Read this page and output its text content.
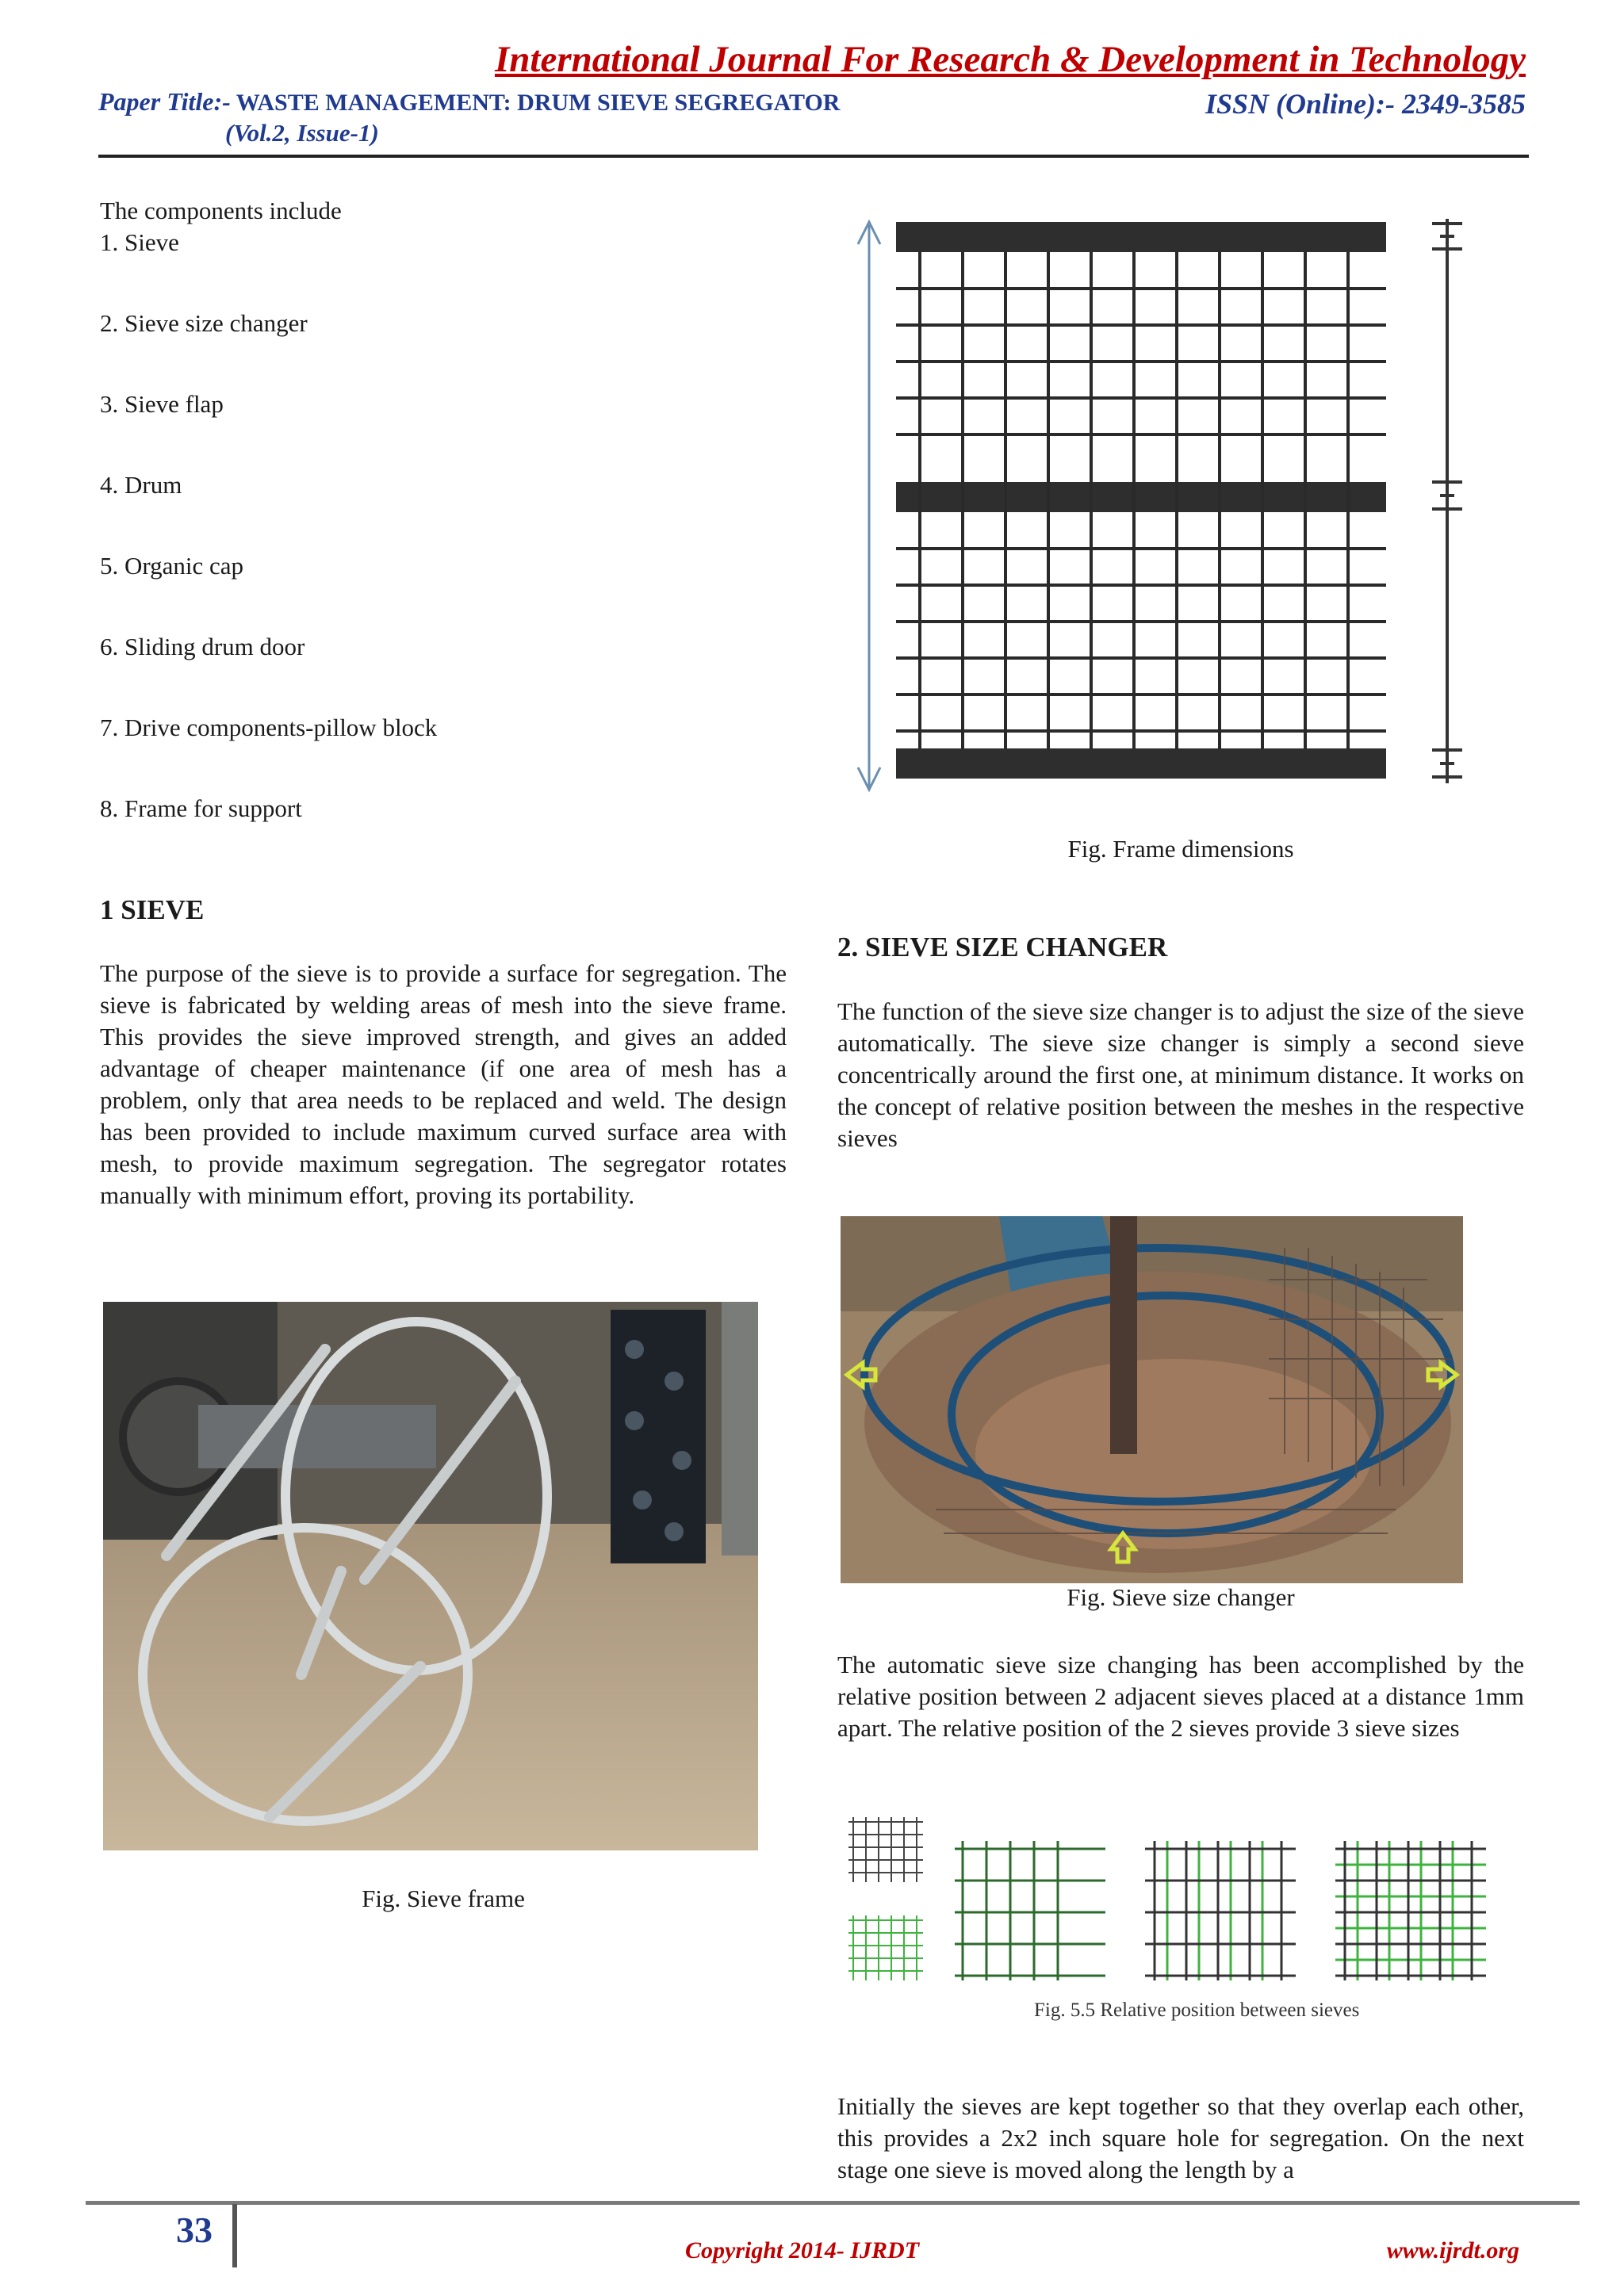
International Journal For Research & Development in Technology
Paper Title:- WASTE MANAGEMENT: DRUM SIEVE SEGREGATOR	ISSN (Online):- 2349-3585
(Vol.2, Issue-1)
The components include
1. Sieve
2. Sieve size changer
3. Sieve flap
4. Drum
5. Organic cap
6. Sliding drum door
7. Drive components-pillow block
8. Frame for support
1 SIEVE
The purpose of the sieve is to provide a surface for segregation. The sieve is fabricated by welding areas of mesh into the sieve frame. This provides the sieve improved strength, and gives an added advantage of cheaper maintenance (if one area of mesh has a problem, only that area needs to be replaced and weld. The design has been provided to include maximum curved surface area with mesh, to provide maximum segregation. The segregator rotates manually with minimum effort, proving its portability.
Fig. Sieve frame
Fig. Frame dimensions
2. SIEVE SIZE CHANGER
The function of the sieve size changer is to adjust the size of the sieve automatically. The sieve size changer is simply a second sieve concentrically around the first one, at minimum distance. It works on the concept of relative position between the meshes in the respective sieves
Fig. Sieve size changer
The automatic sieve size changing has been accomplished by the relative position between 2 adjacent sieves placed at a distance 1mm apart. The relative position of the 2 sieves provide 3 sieve sizes
Fig. 5.5 Relative position between sieves
Initially the sieves are kept together so that they overlap each other, this provides a 2x2 inch square hole for segregation. On the next stage one sieve is moved along the length by a
33
Copyright 2014- IJRDT	www.ijrdt.org
